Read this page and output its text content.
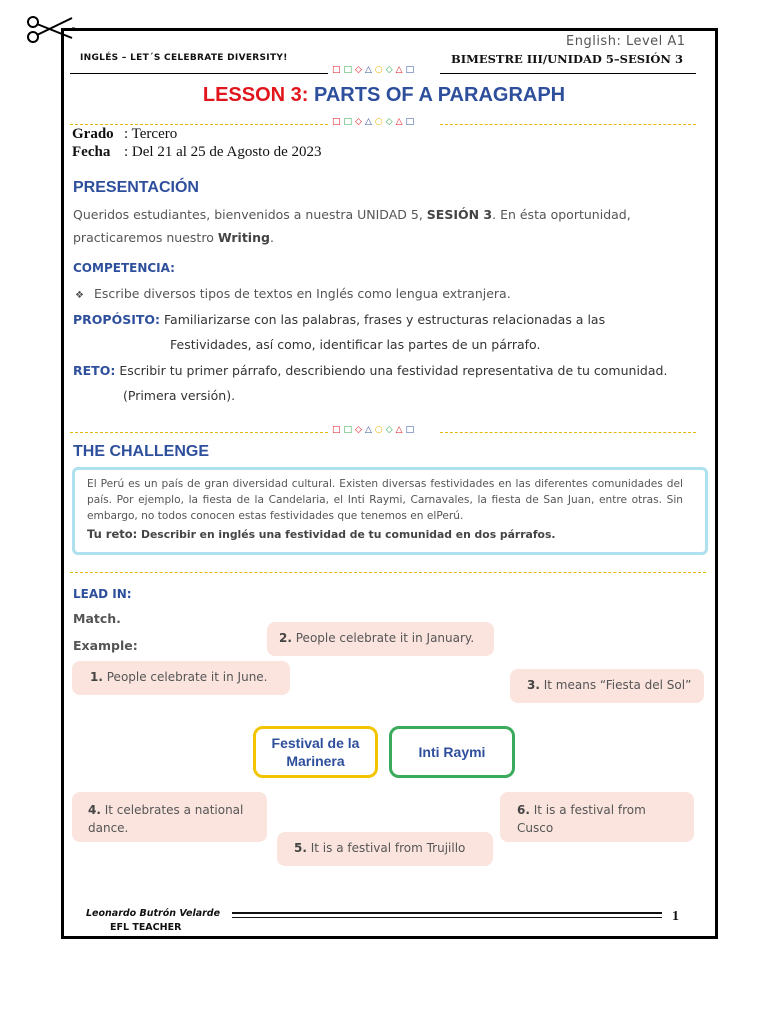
English: Level A1
INGLÉS – LET´S CELEBRATE DIVERSITY!	BIMESTRE III/UNIDAD 5–SESIÓN 3
□□◇△○◇△□
LESSON 3: PARTS OF A PARAGRAPH
□□◇△○◇△□
Grado : Tercero
Fecha : Del 21 al 25 de Agosto de 2023
PRESENTACIÓN
Queridos estudiantes, bienvenidos a nuestra UNIDAD 5, SESIÓN 3. En ésta oportunidad,
practicaremos nuestro Writing.
COMPETENCIA:
❖ Escribe diversos tipos de textos en Inglés como lengua extranjera.
PROPÓSITO: Familiarizarse con las palabras, frases y estructuras relacionadas a las
Festividades, así como, identificar las partes de un párrafo.
RETO: Escribir tu primer párrafo, describiendo una festividad representativa de tu comunidad.
(Primera versión).
□□◇△○◇△□
THE CHALLENGE
El Perú es un país de gran diversidad cultural. Existen diversas festividades en las diferentes comunidades del país. Por ejemplo, la fiesta de la Candelaria, el Inti Raymi, Carnavales, la fiesta de San Juan, entre otras. Sin embargo, no todos conocen estas festividades que tenemos en elPerú.
Tu reto: Describir en inglés una festividad de tu comunidad en dos párrafos.
LEAD IN:
Match.
Example:
1. People celebrate it in June.
2. People celebrate it in January.
3. It means “Fiesta del Sol”
4. It celebrates a national dance.
5. It is a festival from Trujillo
6. It is a festival from Cusco
Festival de la Marinera
Inti Raymi
Leonardo Butrón Velarde
EFL TEACHER
1
